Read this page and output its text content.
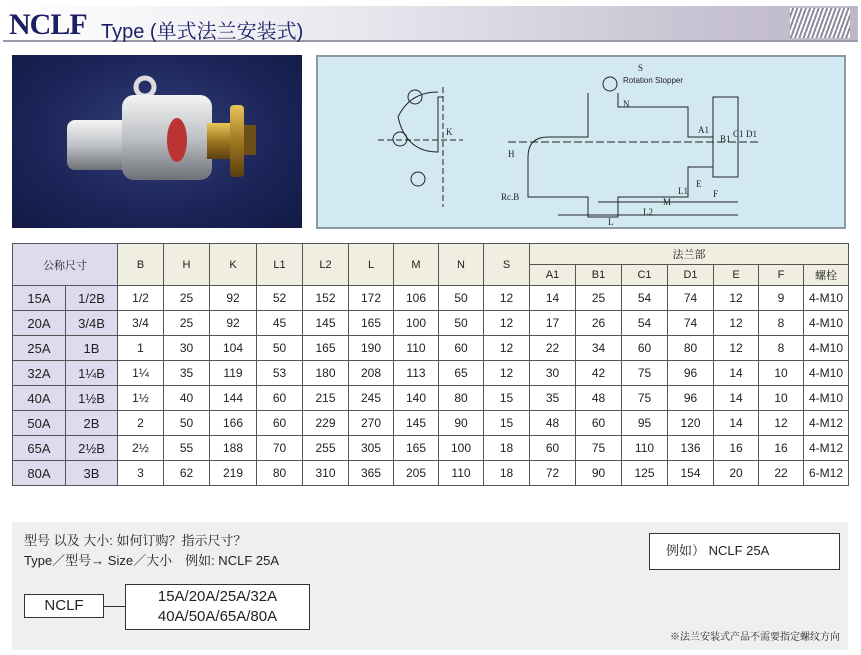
NCLF Type (单式法兰安装式)
K
S
Rotation Stopper
N
H
Rc.B
A1
B1 C1 D1
E
F
L1
M
L2
L
公称尺寸		B	H	K	L1	L2	L	M	N	S	法兰部						
											A1	B1	C1	D1	E	F	螺栓
15A	1/2B	1/2	25	92	52	152	172	106	50	12	14	25	54	74	12	9	4-M10
20A	3/4B	3/4	25	92	45	145	165	100	50	12	17	26	54	74	12	8	4-M10
25A	1B	1	30	104	50	165	190	110	60	12	22	34	60	80	12	8	4-M10
32A	1¼B	1¼	35	119	53	180	208	113	65	12	30	42	75	96	14	10	4-M10
40A	1½B	1½	40	144	60	215	245	140	80	15	35	48	75	96	14	10	4-M10
50A	2B	2	50	166	60	229	270	145	90	15	48	60	95	120	14	12	4-M12
65A	2½B	2½	55	188	70	255	305	165	100	18	60	75	110	136	16	16	4-M12
80A	3B	3	62	219	80	310	365	205	110	18	72	90	125	154	20	22	6-M12
型号 以及 大小: 如何订购？指示尺寸？
Type／型号→ Size／大小　例如: NCLF 25A
NCLF
15A/20A/25A/32A
40A/50A/65A/80A
例如） NCLF 25A
※法兰安装式产品不需要指定螺纹方向
